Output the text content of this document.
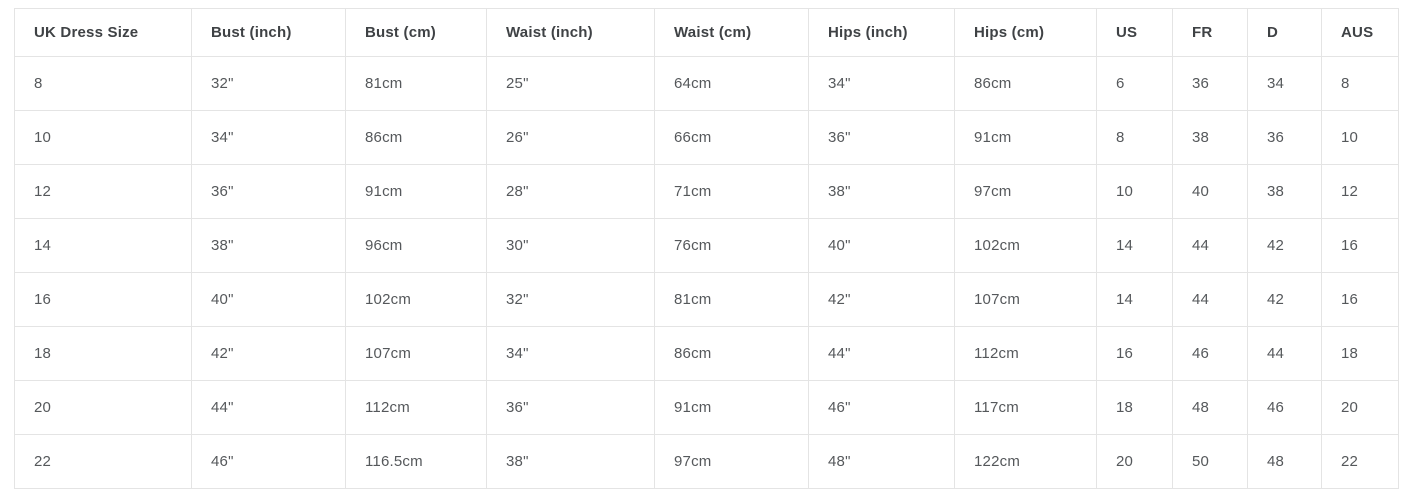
UK Dress Size	Bust (inch)	Bust (cm)	Waist (inch)	Waist (cm)	Hips (inch)	Hips (cm)	US	FR	D	AUS
8	32"	81cm	25"	64cm	34"	86cm	6	36	34	8
10	34"	86cm	26"	66cm	36"	91cm	8	38	36	10
12	36"	91cm	28"	71cm	38"	97cm	10	40	38	12
14	38"	96cm	30"	76cm	40"	102cm	14	44	42	16
16	40"	102cm	32"	81cm	42"	107cm	14	44	42	16
18	42"	107cm	34"	86cm	44"	112cm	16	46	44	18
20	44"	112cm	36"	91cm	46"	117cm	18	48	46	20
22	46"	116.5cm	38"	97cm	48"	122cm	20	50	48	22
